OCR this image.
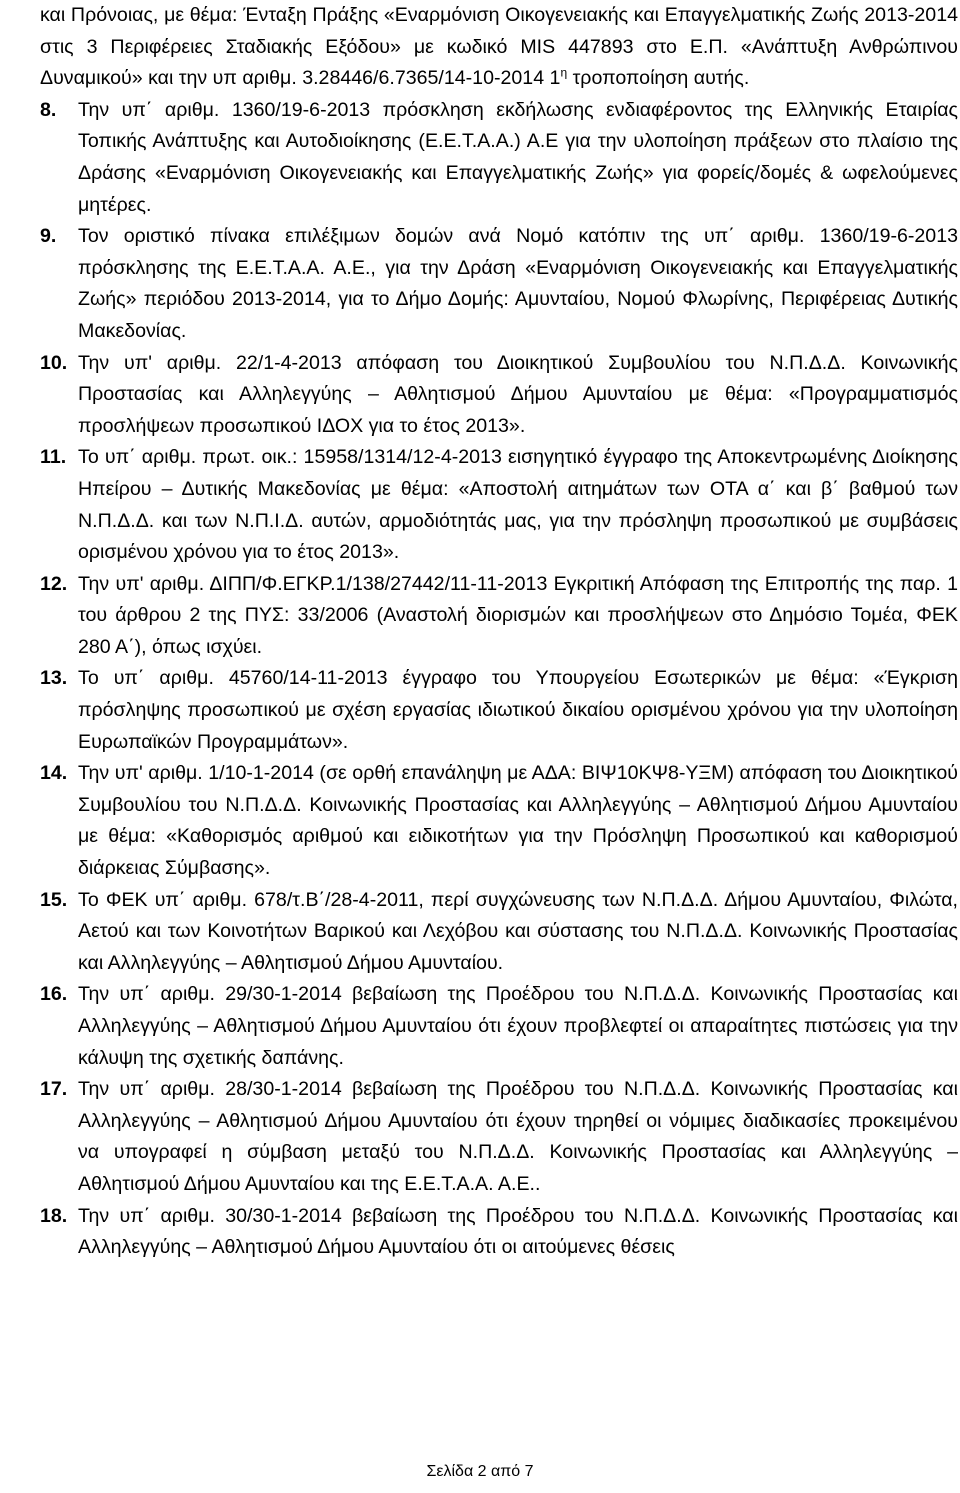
και Πρόνοιας, με θέμα: Ένταξη Πράξης «Εναρμόνιση Οικογενειακής και Επαγγελματικής Ζωής 2013-2014 στις 3 Περιφέρειες Σταδιακής Εξόδου» με κωδικό MIS 447893 στο Ε.Π. «Ανάπτυξη Ανθρώπινου Δυναμικού» και την υπ αριθμ. 3.28446/6.7365/14-10-2014 $1^\eta$ τροποποίηση αυτής.
8.	Την υπ΄ αριθμ. 1360/19-6-2013 πρόσκληση εκδήλωσης ενδιαφέροντος της Ελληνικής Εταιρίας Τοπικής Ανάπτυξης και Αυτοδιοίκησης (Ε.Ε.Τ.Α.Α.) Α.Ε για την υλοποίηση πράξεων στο πλαίσιο της Δράσης «Εναρμόνιση Οικογενειακής και Επαγγελματικής Ζωής» για φορείς/δομές & ωφελούμενες μητέρες.
9.	Τον οριστικό πίνακα επιλέξιμων δομών ανά Νομό κατόπιν της υπ΄ αριθμ. 1360/19-6-2013 πρόσκλησης της Ε.Ε.Τ.Α.Α. Α.Ε., για την Δράση «Εναρμόνιση Οικογενειακής και Επαγγελματικής Ζωής» περιόδου 2013-2014, για το Δήμο Δομής: Αμυνταίου, Νομού Φλωρίνης, Περιφέρειας Δυτικής Μακεδονίας.
10. Την υπ' αριθμ. 22/1-4-2013 απόφαση του Διοικητικού Συμβουλίου του Ν.Π.Δ.Δ. Κοινωνικής Προστασίας και Αλληλεγγύης – Αθλητισμού Δήμου Αμυνταίου με θέμα: «Προγραμματισμός προσλήψεων προσωπικού ΙΔΟΧ για το έτος 2013».
11. Το υπ΄ αριθμ. πρωτ. οικ.: 15958/1314/12-4-2013 εισηγητικό έγγραφο της Αποκεντρωμένης Διοίκησης Ηπείρου – Δυτικής Μακεδονίας με θέμα: «Αποστολή αιτημάτων των ΟΤΑ α΄ και β΄ βαθμού των Ν.Π.Δ.Δ. και των Ν.Π.Ι.Δ. αυτών, αρμοδιότητάς μας, για την πρόσληψη προσωπικού με συμβάσεις ορισμένου χρόνου για το έτος 2013».
12. Την υπ' αριθμ. ΔΙΠΠ/Φ.ΕΓΚΡ.1/138/27442/11-11-2013 Εγκριτική Απόφαση της Επιτροπής της παρ. 1 του άρθρου 2 της ΠΥΣ: 33/2006 (Αναστολή διορισμών και προσλήψεων στο Δημόσιο Τομέα, ΦΕΚ 280 Α΄), όπως ισχύει.
13. Το υπ΄ αριθμ. 45760/14-11-2013 έγγραφο του Υπουργείου Εσωτερικών με θέμα: «Έγκριση πρόσληψης προσωπικού με σχέση εργασίας ιδιωτικού δικαίου ορισμένου χρόνου για την υλοποίηση Ευρωπαϊκών Προγραμμάτων».
14. Την υπ' αριθμ. 1/10-1-2014 (σε ορθή επανάληψη με ΑΔΑ: ΒΙΨ10ΚΨ8-ΥΞΜ) απόφαση του Διοικητικού Συμβουλίου του Ν.Π.Δ.Δ. Κοινωνικής Προστασίας και Αλληλεγγύης – Αθλητισμού Δήμου Αμυνταίου με θέμα: «Καθορισμός αριθμού και ειδικοτήτων για την Πρόσληψη Προσωπικού και καθορισμού διάρκειας Σύμβασης».
15. Το ΦΕΚ υπ΄ αριθμ. 678/τ.Β΄/28-4-2011, περί συγχώνευσης των Ν.Π.Δ.Δ. Δήμου Αμυνταίου, Φιλώτα, Αετού και των Κοινοτήτων Βαρικού και Λεχόβου και σύστασης του Ν.Π.Δ.Δ. Κοινωνικής Προστασίας και Αλληλεγγύης – Αθλητισμού Δήμου Αμυνταίου.
16. Την υπ΄ αριθμ. 29/30-1-2014 βεβαίωση της Προέδρου του Ν.Π.Δ.Δ. Κοινωνικής Προστασίας και Αλληλεγγύης – Αθλητισμού Δήμου Αμυνταίου ότι έχουν προβλεφτεί οι απαραίτητες πιστώσεις για την κάλυψη της σχετικής δαπάνης.
17. Την υπ΄ αριθμ. 28/30-1-2014 βεβαίωση της Προέδρου του Ν.Π.Δ.Δ. Κοινωνικής Προστασίας και Αλληλεγγύης – Αθλητισμού Δήμου Αμυνταίου ότι έχουν τηρηθεί οι νόμιμες διαδικασίες προκειμένου να υπογραφεί η σύμβαση μεταξύ του Ν.Π.Δ.Δ. Κοινωνικής Προστασίας και Αλληλεγγύης – Αθλητισμού Δήμου Αμυνταίου και της Ε.Ε.Τ.Α.Α. Α.Ε..
18. Την υπ΄ αριθμ. 30/30-1-2014 βεβαίωση της Προέδρου του Ν.Π.Δ.Δ. Κοινωνικής Προστασίας και Αλληλεγγύης – Αθλητισμού Δήμου Αμυνταίου ότι οι αιτούμενες θέσεις
Σελίδα 2 από 7
